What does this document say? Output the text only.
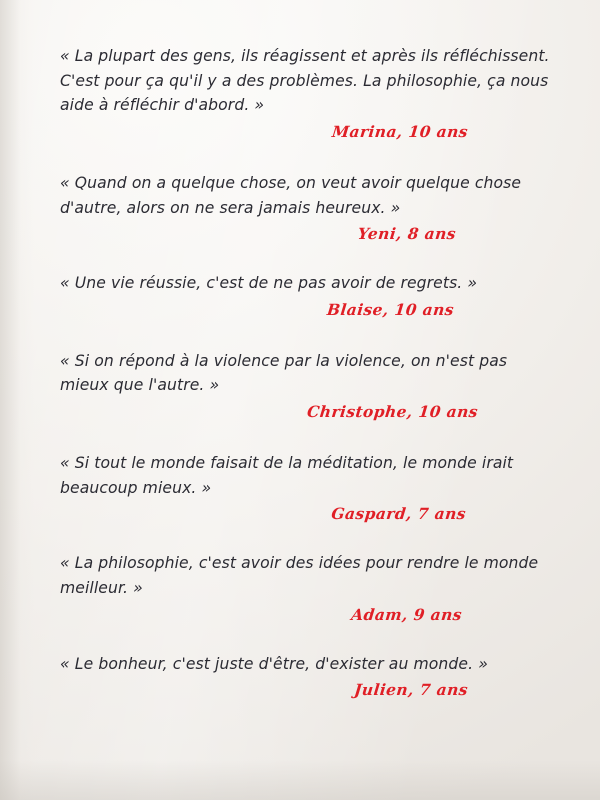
« La plupart des gens, ils réagissent et après ils réfléchissent. C'est pour ça qu'il y a des problèmes. La philosophie, ça nous aide à réfléchir d'abord. »

Marina, 10 ans

« Quand on a quelque chose, on veut avoir quelque chose d'autre, alors on ne sera jamais heureux. »

Yeni, 8 ans

« Une vie réussie, c'est de ne pas avoir de regrets. »

Blaise, 10 ans

« Si on répond à la violence par la violence, on n'est pas mieux que l'autre. »

Christophe, 10 ans

« Si tout le monde faisait de la méditation, le monde irait beaucoup mieux. »

Gaspard, 7 ans

« La philosophie, c'est avoir des idées pour rendre le monde meilleur. »

Adam, 9 ans

« Le bonheur, c'est juste d'être, d'exister au monde. »

Julien, 7 ans
